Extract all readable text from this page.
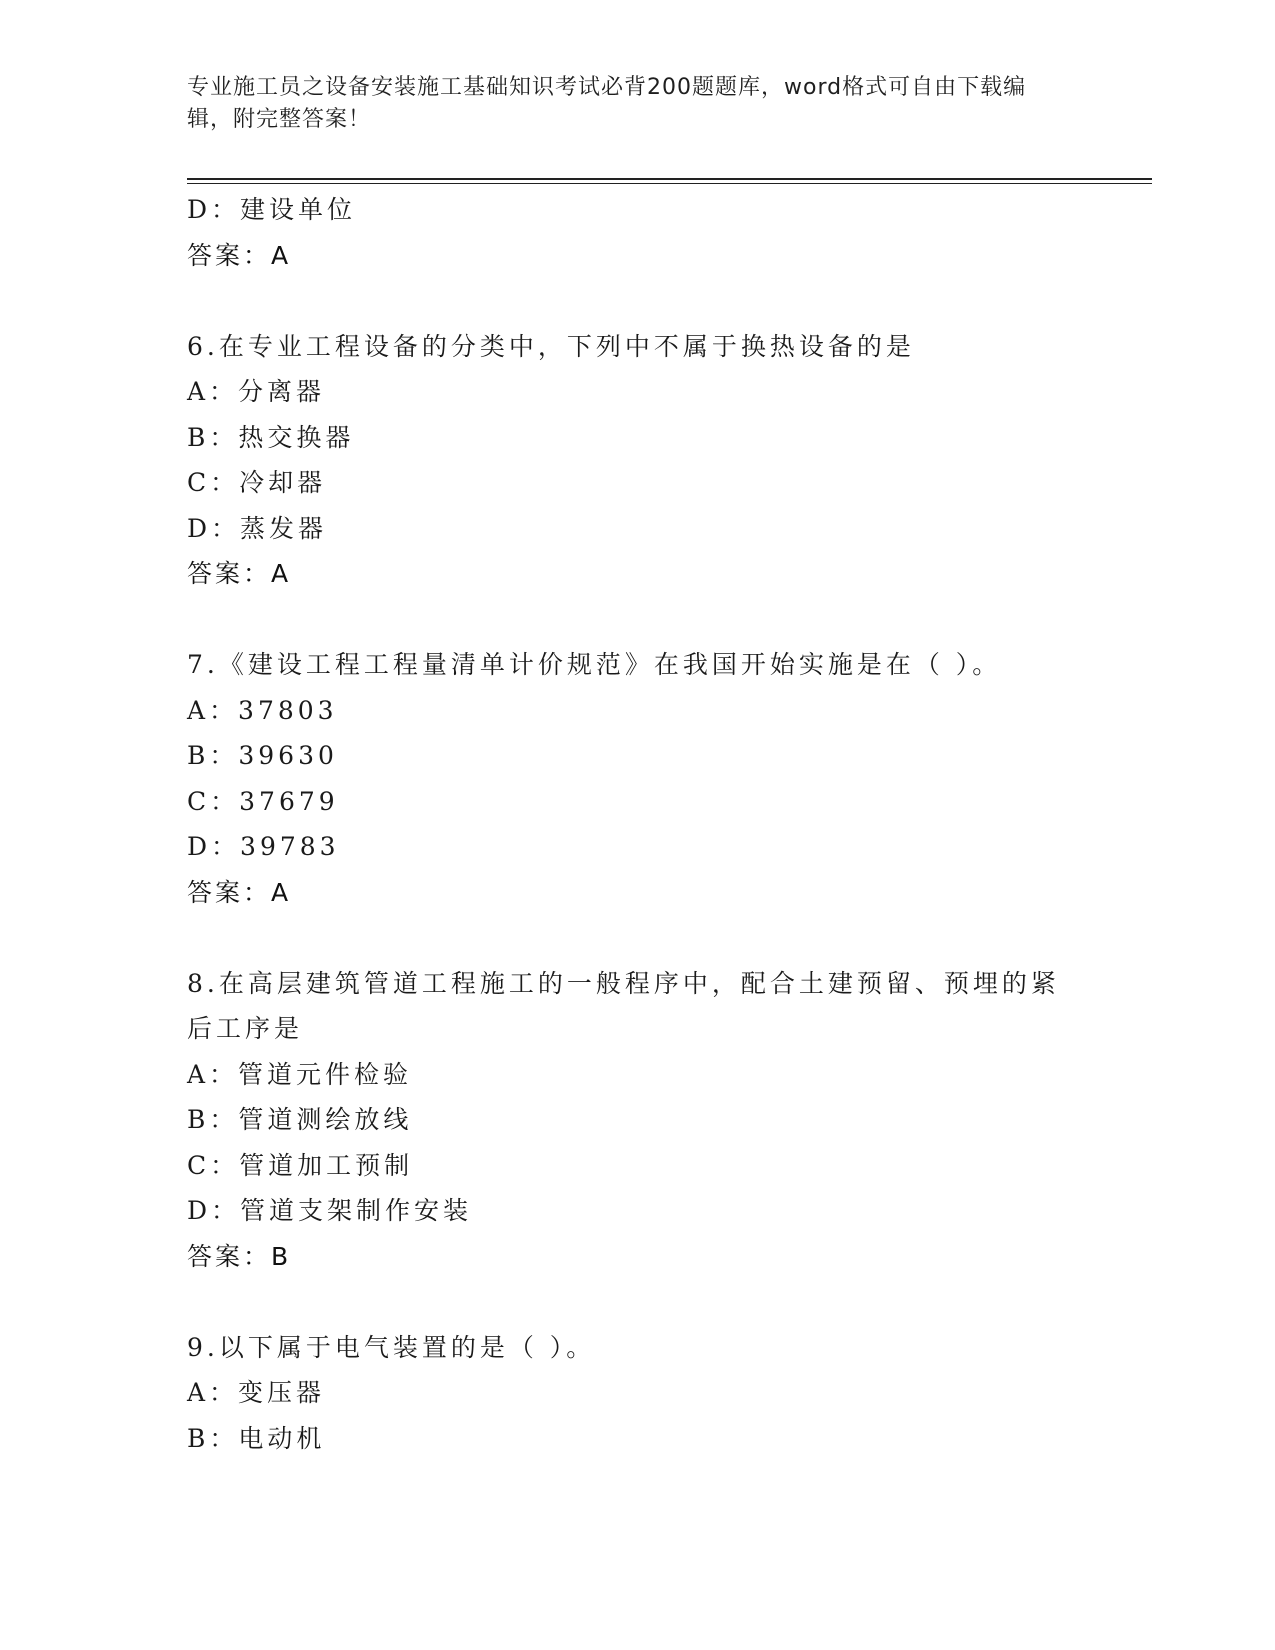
专业施工员之设备安装施工基础知识考试必背200题题库，word格式可自由下载编辑，附完整答案！
D：建设单位
答案：A
6.在专业工程设备的分类中，下列中不属于换热设备的是
A：分离器
B：热交换器
C：冷却器
D：蒸发器
答案：A
7.《建设工程工程量清单计价规范》在我国开始实施是在（ ）。
A：37803
B：39630
C：37679
D：39783
答案：A
8.在高层建筑管道工程施工的一般程序中，配合土建预留、预埋的紧后工序是
A：管道元件检验
B：管道测绘放线
C：管道加工预制
D：管道支架制作安装
答案：B
9.以下属于电气装置的是（ ）。
A：变压器
B：电动机
